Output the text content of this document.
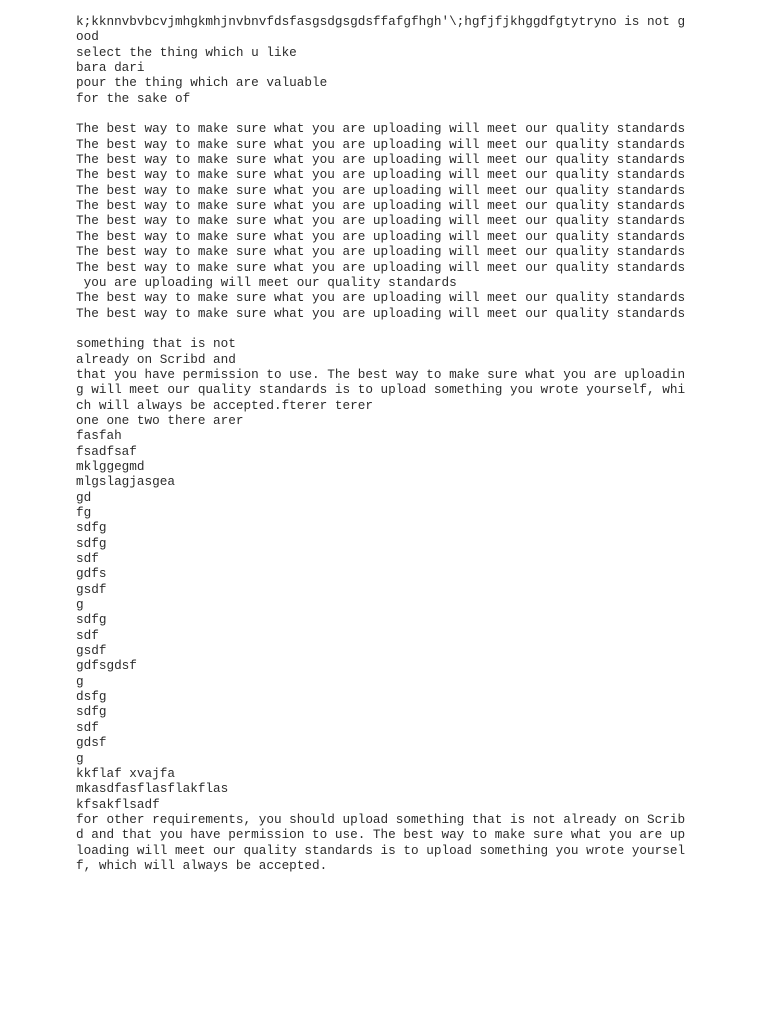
k;kknnvbvbcvjmhgkmhjnvbnvfdsfasgsdgsgdsffafgfhgh'\;hgfjfjkhggdfgtytryno is not g
ood
select the thing which u like
bara dari
pour the thing which are valuable
for the sake of
The best way to make sure what you are uploading will meet our quality standards
The best way to make sure what you are uploading will meet our quality standards
The best way to make sure what you are uploading will meet our quality standards
The best way to make sure what you are uploading will meet our quality standards
The best way to make sure what you are uploading will meet our quality standards
The best way to make sure what you are uploading will meet our quality standards
The best way to make sure what you are uploading will meet our quality standards
The best way to make sure what you are uploading will meet our quality standards
The best way to make sure what you are uploading will meet our quality standards
The best way to make sure what you are uploading will meet our quality standards
you are uploading will meet our quality standards
The best way to make sure what you are uploading will meet our quality standards
The best way to make sure what you are uploading will meet our quality standards
something that is not
already on Scribd and
that you have permission to use. The best way to make sure what you are uploadin
g will meet our quality standards is to upload something you wrote yourself, whi
ch will always be accepted.fterer terer
one one two there arer
fasfah
fsadfsaf
mklggegmd
mlgslagjasgea
gd
fg
sdfg
sdfg
sdf
gdfs
gsdf
g
sdfg
sdf
gsdf
gdfsgdsf
g
dsfg
sdfg
sdf
gdsf
g
kkflaf xvajfa
mkasdfasflasflakflas
kfsakflsadf
for other requirements, you should upload something that is not already on Scrib
d and that you have permission to use. The best way to make sure what you are up
loading will meet our quality standards is to upload something you wrote yoursel
f, which will always be accepted.
